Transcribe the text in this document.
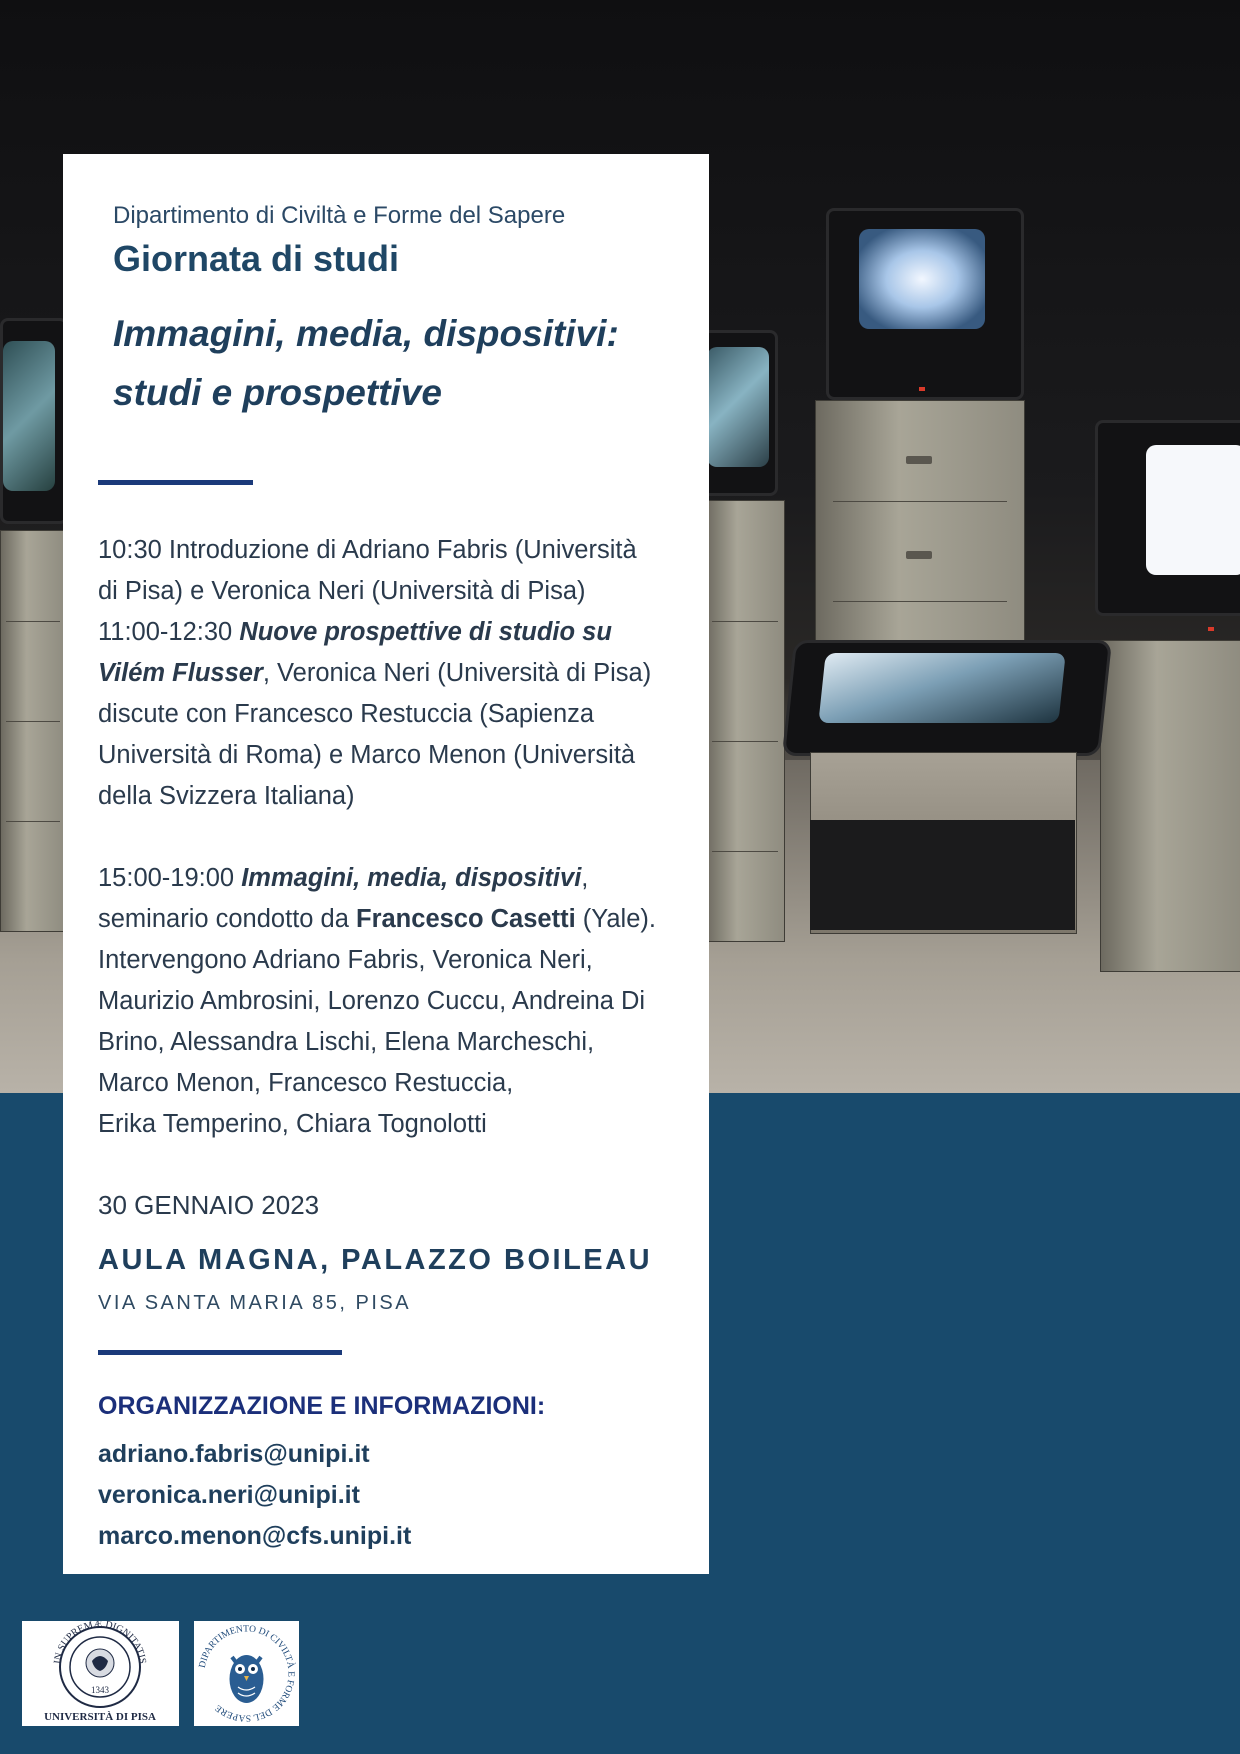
Dipartimento di Civiltà e Forme del Sapere
Giornata di studi
Immagini, media, dispositivi:
studi e prospettive

10:30 Introduzione di Adriano Fabris (Università

di Pisa) e Veronica Neri (Università di Pisa)

11:00-12:30 Nuove prospettive di studio su

Vilém Flusser, Veronica Neri (Università di Pisa)

discute con Francesco Restuccia (Sapienza

Università di Roma) e Marco Menon (Università

della Svizzera Italiana)

15:00-19:00 Immagini, media, dispositivi,

seminario condotto da Francesco Casetti (Yale).

Intervengono Adriano Fabris, Veronica Neri,

Maurizio Ambrosini, Lorenzo Cuccu, Andreina Di

Brino, Alessandra Lischi, Elena Marcheschi,

Marco Menon, Francesco Restuccia,

Erika Temperino, Chiara Tognolotti

30 GENNAIO 2023
AULA MAGNA, PALAZZO BOILEAU
VIA SANTA MARIA 85, PISA
ORGANIZZAZIONE E INFORMAZIONI:
adriano.fabris@unipi.it
veronica.neri@unipi.it
marco.menon@cfs.unipi.it
IN SUPREMÆ DIGNITATIS
1343
UNIVERSITÀ DI PISA
DIPARTIMENTO DI CIVILTÀ E FORME DEL SAPERE
